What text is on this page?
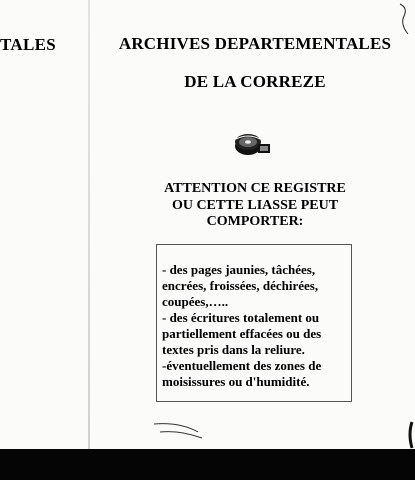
TALES	ARCHIVES DEPARTEMENTALES
DE LA CORREZE
ATTENTION CE REGISTRE
OU CETTE LIASSE PEUT
COMPORTER:
- des pages jaunies, tâchées,
encrées, froissées, déchirées,
coupées,…..
- des écritures totalement ou
partiellement effacées ou des
textes pris dans la reliure.
-éventuellement des zones de
moisissures ou d'humidité.
